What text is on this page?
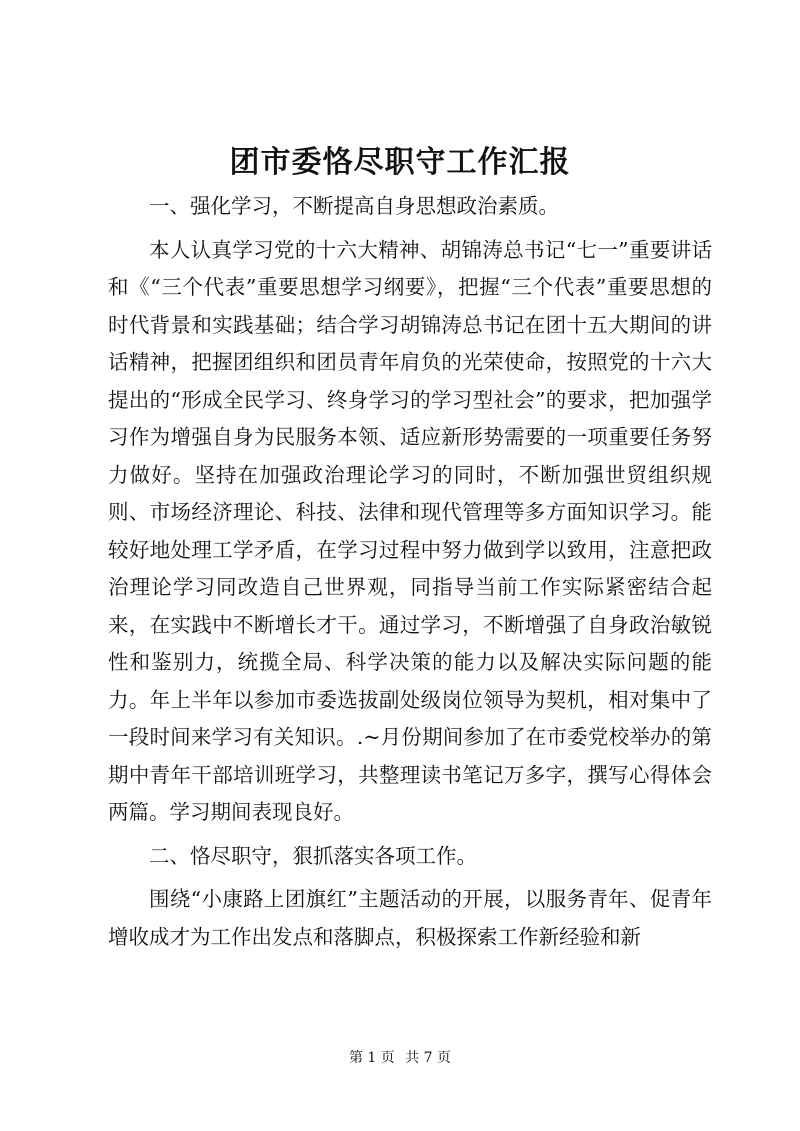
团市委恪尽职守工作汇报

一、强化学习，不断提高自身思想政治素质。

本人认真学习党的十六大精神、胡锦涛总书记“七一”重要讲话和《“三个代表”重要思想学习纲要》，把握“三个代表”重要思想的时代背景和实践基础；结合学习胡锦涛总书记在团十五大期间的讲话精神，把握团组织和团员青年肩负的光荣使命，按照党的十六大提出的“形成全民学习、终身学习的学习型社会”的要求，把加强学习作为增强自身为民服务本领、适应新形势需要的一项重要任务努力做好。坚持在加强政治理论学习的同时，不断加强世贸组织规则、市场经济理论、科技、法律和现代管理等多方面知识学习。能较好地处理工学矛盾，在学习过程中努力做到学以致用，注意把政治理论学习同改造自己世界观，同指导当前工作实际紧密结合起来，在实践中不断增长才干。通过学习，不断增强了自身政治敏锐性和鉴别力，统揽全局、科学决策的能力以及解决实际问题的能力。年上半年以参加市委选拔副处级岗位领导为契机，相对集中了一段时间来学习有关知识。.~月份期间参加了在市委党校举办的第期中青年干部培训班学习，共整理读书笔记万多字，撰写心得体会两篇。学习期间表现良好。

二、恪尽职守，狠抓落实各项工作。

围绕“小康路上团旗红”主题活动的开展，以服务青年、促青年增收成才为工作出发点和落脚点，积极探索工作新经验和新

第 1 页 共 7 页
